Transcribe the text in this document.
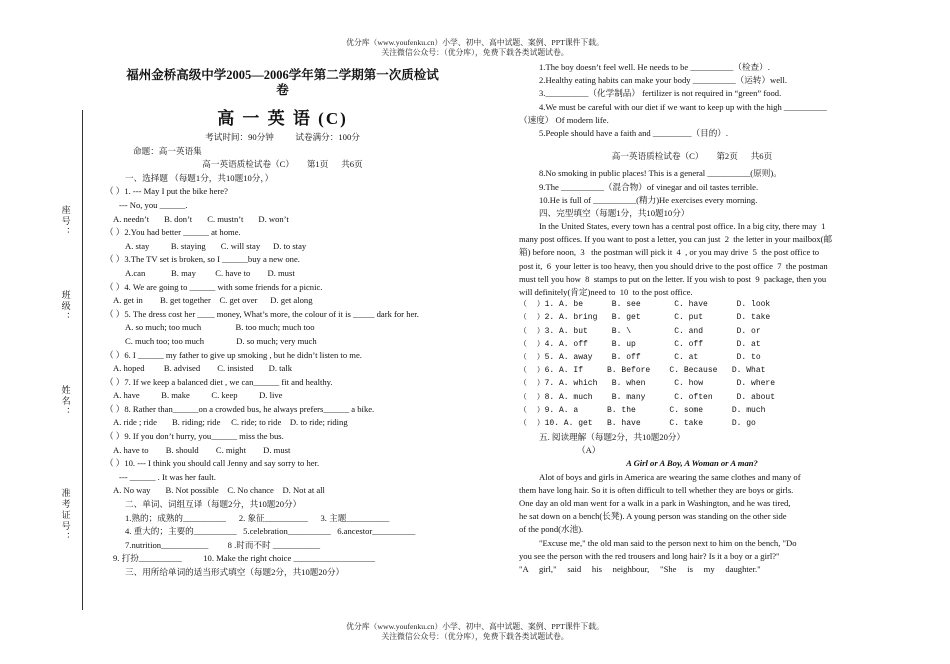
优分库（www.youfenku.cn）小学、初中、高中试题、案例、PPT课件下载。
关注微信公众号：（优分库），免费下载各类试题试卷。
座号：
班级：
姓名：
准考证号：
福州金桥高级中学2005—2006学年第二学期第一次质检试
卷
高 一 英 语 (C)
考试时间：90分钟          试卷满分：100分
命题：高一英语集
高一英语质检试卷（C）      第1页      共6页
一、选择题 （每题1分，共10题10分，）
（ ）1. --- May I put the bike here?
--- No, you ______.
A. needn’t       B. don’t       C. mustn’t       D. won’t
（ ）2.You had better ______ at home.
A. stay          B. staying       C. will stay      D. to stay
（ ）3.The TV set is broken, so I ______buy a new one.
A.can            B. may         C. have to        D. must
（ ）4. We are going to ______ with some friends for a picnic.
A. get in        B. get together    C. get over      D. get along
（ ）5. The dress cost her ____ money, What’s more, the colour of it is _____ dark for her.
A. so much; too much                B. too much; much too
C. much too; too much               D. so much; very much
（ ）6. I ______ my father to give up smoking , but he didn’t listen to me.
A. hoped         B. advised        C. insisted       D. talk
（ ）7. If we keep a balanced diet , we can______ fit and healthy.
A. have          B. make          C. keep          D. live
（ ）8. Rather than______on a crowded bus, he always prefers______ a bike.
A. ride ; ride       B. riding; ride     C. ride; to ride    D. to ride; riding
（ ）9. If you don’t hurry, you______ miss the bus.
A. have to        B. should        C. might        D. must
（ ）10. --- I think you should call Jenny and say sorry to her.
--- ______ . It was her fault.
A. No way       B. Not possible    C. No chance    D. Not at all
二、单词、词组互译（每题2分，共10题20分）
1.熟的；成熟的__________      2. 象征__________      3. 主题__________
4. 重大的；主要的__________   5.celebration__________   6.ancestor__________
7.nutrition___________         8 .时而不时 ___________
9. 打扮__________          10. Make the right choice ___________________
三、用所给单词的适当形式填空（每题2分，共10题20分）
1.The boy doesn’t feel well. He needs to be __________（检查）.
2.Healthy eating habits can make your body __________（运转）well.
3.__________（化学制品） fertilizer is not required in “green” food.
4.We must be careful with our diet if we want to keep up with the high __________
（速度） Of modern life.
5.People should have a faith and _________（目的）.
高一英语质检试卷（C）      第2页      共6页
8.No smoking in public places! This is a general __________(原则)。
9.The __________（混合物）of vinegar and oil tastes terrible.
10.He is full of __________(精力)He exercises every morning.
四、完型填空（每题1分，共10题10分）
In the United States, every town has a central post office. In a big city, there may  1
many post offices. If you want to post a letter, you can just  2  the letter in your mailbox(邮
箱) before noon,  3   the postman will pick it  4  , or you may drive  5  the post office to
post it,  6  your letter is too heavy, then you should drive to the post office  7  the postman
must tell you how  8  stamps to put on the letter. If you wish to post  9  package, then you
will definitely(肯定)need to  10  to the post office.
（  ）1. A. be      B. see       C. have      D. look
（  ）2. A. bring   B. get       C. put       D. take
（  ）3. A. but     B. \         C. and       D. or
（  ）4. A. off     B. up        C. off       D. at
（  ）5. A. away    B. off       C. at        D. to
（  ）6. A. If     B. Before    C. Because   D. What
（  ）7. A. which   B. when      C. how       D. where
（  ）8. A. much    B. many      C. often     D. about
（  ）9. A. a      B. the       C. some      D. much
（  ）10. A. get   B. have      C. take      D. go
五. 阅读理解（每题2分，共10题20分）
（A）
A Girl or A Boy, A Woman or A man?
Alot of boys and girls in America are wearing the same clothes and many of
them have long hair. So it is often difficult to tell whether they are boys or girls.
One day an old man went for a walk in a park in Washington, and he was tired,
he sat down on a bench(长凳). A young person was standing on the other side
of the pond(水池).
"Excuse me," the old man said to the person next to him on the bench, "Do
you see the person with the red trousers and long hair? Is it a boy or a girl?"
"A     girl,"     said     his     neighbour,     "She     is     my     daughter."
优分库（www.youfenku.cn）小学、初中、高中试题、案例、PPT课件下载。
关注微信公众号：（优分库），免费下载各类试题试卷。
